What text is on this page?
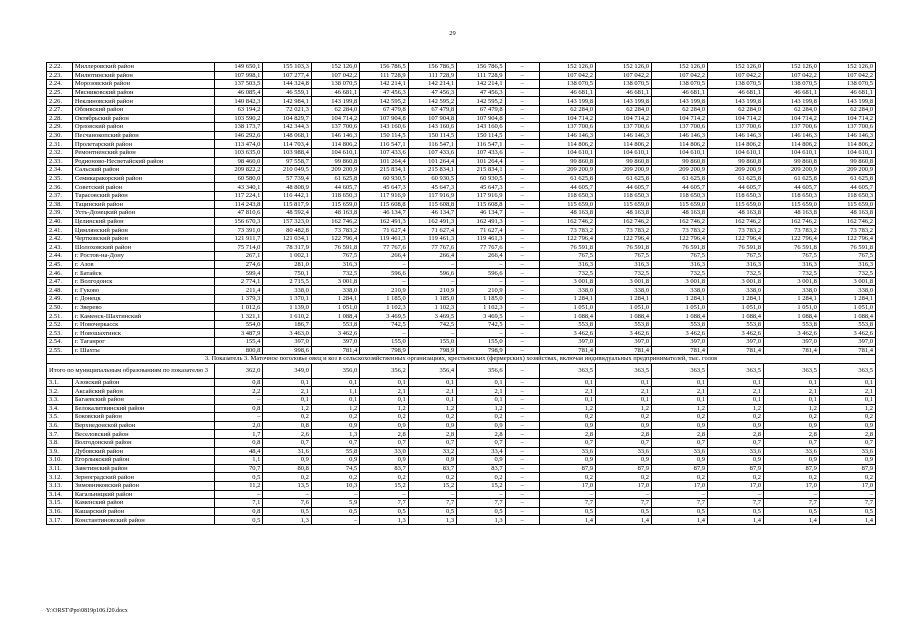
29
2.22.	Миллеровский район	149 650,1	155 103,3	152 126,0	156 786,5	156 786,5	156 786,5	–	152 126,0	152 126,0	152 126,0	152 126,0	152 126,0	152 126,0
2.23.	Милютинский район	107 998,1	107 277,4	107 042,2	111 728,9	111 728,9	111 728,9	–	107 042,2	107 042,2	107 042,2	107 042,2	107 042,2	107 042,2
2.24.	Морозовский район	137 503,5	144 324,8	138 070,5	142 214,1	142 214,1	142 214,1	–	138 070,5	138 070,5	138 070,5	138 070,5	138 070,5	138 070,5
2.25.	Мясниковский район	46 085,4	46 559,1	46 681,1	47 456,3	47 456,3	47 456,3	–	46 681,1	46 681,1	46 681,1	46 681,1	46 681,1	46 681,1
2.26.	Неклиновский район	140 842,3	142 984,1	143 199,8	142 595,2	142 595,2	142 595,2	–	143 199,8	143 199,8	143 199,8	143 199,8	143 199,8	143 199,8
2.27.	Обливский район	63 194,2	72 021,3	62 284,0	67 479,8	67 479,8	67 479,8	–	62 284,0	62 284,0	62 284,0	62 284,0	62 284,0	62 284,0
2.28.	Октябрьский район	103 590,2	104 829,7	104 714,2	107 904,8	107 904,8	107 904,8	–	104 714,2	104 714,2	104 714,2	104 714,2	104 714,2	104 714,2
2.29.	Орловский район	138 173,7	142 344,3	137 700,6	143 160,6	143 160,6	143 160,6	–	137 700,6	137 700,6	137 700,6	137 700,6	137 700,6	137 700,6
2.30.	Песчанокопский район	146 292,6	148 068,1	146 146,3	150 114,5	150 114,5	150 114,5	–	146 146,3	146 146,3	146 146,3	146 146,3	146 146,3	146 146,3
2.31.	Пролетарский район	113 474,0	114 703,4	114 806,2	116 547,1	116 547,1	116 547,1	–	114 806,2	114 806,2	114 806,2	114 806,2	114 806,2	114 806,2
2.32.	Ремонтненский район	103 635,0	103 988,4	104 610,1	107 433,6	107 433,6	107 433,6	–	104 610,1	104 610,1	104 610,1	104 610,1	104 610,1	104 610,1
2.33.	Родионово-Несветайский район	98 460,0	97 558,7	99 860,8	101 264,4	101 264,4	101 264,4	–	99 860,8	99 860,8	99 860,8	99 860,8	99 860,8	99 860,8
2.34.	Сальский район	209 822,2	210 049,5	209 200,9	215 834,1	215 834,1	215 834,1	–	209 200,9	209 200,9	209 200,9	209 200,9	209 200,9	209 200,9
2.35.	Семикаракорский район	60 580,0	57 739,4	61 625,8	60 930,5	60 930,5	60 930,5	–	61 625,8	61 625,8	61 625,8	61 625,8	61 625,8	61 625,8
2.36.	Советский район	43 340,1	48 808,9	44 605,7	45 647,3	45 647,3	45 647,3	–	44 605,7	44 605,7	44 605,7	44 605,7	44 605,7	44 605,7
2.37.	Тарасовский район	117 224,1	116 442,1	118 650,3	117 916,9	117 916,9	117 916,9	–	118 650,3	118 650,3	118 650,3	118 650,3	118 650,3	118 650,3
2.38.	Тацинский район	114 243,8	115 817,9	115 659,0	115 608,8	115 608,8	115 608,8	–	115 659,0	115 659,0	115 659,0	115 659,0	115 659,0	115 659,0
2.39.	Усть-Донецкий район	47 810,6	48 592,4	48 163,8	46 134,7	46 134,7	46 134,7	–	48 163,8	48 163,8	48 163,8	48 163,8	48 163,8	48 163,8
2.40.	Целинский район	156 670,3	157 323,0	162 746,2	162 491,3	162 491,3	162 491,3	–	162 746,2	162 746,2	162 746,2	162 746,2	162 746,2	162 746,2
2.41.	Цимлянский район	73 391,0	80 482,8	73 783,2	71 627,4	71 627,4	71 627,4	–	73 783,2	73 783,2	73 783,2	73 783,2	73 783,2	73 783,2
2.42.	Чертковский район	121 911,7	121 034,1	122 796,4	119 461,3	119 461,3	119 461,3	–	122 796,4	122 796,4	122 796,4	122 796,4	122 796,4	122 796,4
2.43.	Шолоховский район	75 714,0	78 317,9	76 591,8	77 767,6	77 767,6	77 767,6	–	76 591,8	76 591,8	76 591,8	76 591,8	76 591,8	76 591,8
2.44.	г. Ростов-на-Дону	267,1	1 002,1	767,5	266,4	266,4	266,4	–	767,5	767,5	767,5	767,5	767,5	767,5
2.45.	г. Азов	274,6	281,0	316,3	–	–	–	–	316,3	316,3	316,3	316,3	316,3	316,3
2.46.	г. Батайск	599,4	750,1	732,5	596,6	596,6	596,6	–	732,5	732,5	732,5	732,5	732,5	732,5
2.47.	г. Волгодонск	2 774,1	2 715,5	3 001,8	–	–	–	–	3 001,8	3 001,8	3 001,8	3 001,8	3 001,8	3 001,8
2.48.	г. Гуково	211,4	338,0	338,0	210,9	210,9	210,9	–	338,0	338,0	338,0	338,0	338,0	338,0
2.49.	г. Донецк	1 379,3	1 370,1	1 284,1	1 185,0	1 185,0	1 185,0	–	1 284,1	1 284,1	1 284,1	1 284,1	1 284,1	1 284,1
2.50.	г. Зверево	1 012,6	1 139,0	1 051,0	1 102,3	1 102,3	1 102,3	–	1 051,0	1 051,0	1 051,0	1 051,0	1 051,0	1 051,0
2.51.	г. Каменск-Шахтинский	1 321,1	1 610,2	1 088,4	3 469,5	3 469,5	3 469,5	–	1 088,4	1 088,4	1 088,4	1 088,4	1 088,4	1 088,4
2.52.	г. Новочеркасск	554,0	186,7	553,8	742,5	742,5	742,5	–	553,8	553,8	553,8	553,8	553,8	553,8
2.53.	г. Новошахтинск	3 487,9	3 463,0	3 462,6	–	–	–	–	3 462,6	3 462,6	3 462,6	3 462,6	3 462,6	3 462,6
2.54.	г. Таганрог	155,4	397,0	397,0	155,0	155,0	155,0	–	397,0	397,0	397,0	397,0	397,0	397,0
2.55.	г. Шахты	800,8	998,6	781,4	798,9	798,9	798,9	–	781,4	781,4	781,4	781,4	781,4	781,4
3. Показатель 3. Маточное поголовье овец и коз в сельскохозяйственных организациях, крестьянских (фермерских) хозяйствах, включая индивидуальных предпринимателей, тыс. голов														
Итого по муниципальным образованиям по показателю 3		362,0	349,0	356,0	356,2	356,4	356,6	–	363,5	363,5	363,5	363,5	363,5	363,5
3.1.	Азовский район	0,8	0,1	0,1	0,1	0,1	0,1	–	0,1	0,1	0,1	0,1	0,1	0,1
3.2.	Аксайский район	2,2	2,1	1,1	2,1	2,1	2,1	–	2,1	2,1	2,1	2,1	2,1	2,1
3.3.	Багаевский район	–	0,1	0,1	0,1	0,1	0,1	–	0,1	0,1	0,1	0,1	0,1	0,1
3.4.	Белокалитвинский район	0,8	1,2	1,2	1,2	1,2	1,2	–	1,2	1,2	1,2	1,2	1,2	1,2
3.5.	Боковский район	–	0,2	0,2	0,2	0,2	0,2	–	0,2	0,2	0,2	0,2	0,2	0,2
3.6.	Верхнедонской район	2,0	0,8	0,9	0,9	0,9	0,9	–	0,9	0,9	0,9	0,9	0,9	0,9
3.7.	Веселовский район	1,7	2,6	1,3	2,8	2,8	2,8	–	2,8	2,8	2,8	2,8	2,8	2,8
3.8.	Волгодонской район	0,8	0,7	0,7	0,7	0,7	0,7	–	0,7	0,7	0,7	0,7	0,7	0,7
3.9.	Дубовский район	48,4	31,6	55,8	33,0	33,2	33,4	–	33,6	33,6	33,6	33,6	33,6	33,6
3.10.	Егорлыкский район	1,1	0,9	0,9	0,9	0,9	0,9	–	0,9	0,9	0,9	0,9	0,9	0,9
3.11.	Заветинский район	70,7	80,8	74,5	83,7	83,7	83,7	–	87,9	87,9	87,9	87,9	87,9	87,9
3.12.	Зерноградский район	0,5	0,2	0,2	0,2	0,2	0,2	–	0,2	0,2	0,2	0,2	0,2	0,2
3.13.	Зимовниковский район	11,2	13,5	10,3	15,2	15,2	15,2	–	17,0	17,0	17,0	17,0	17,0	17,0
3.14.	Кагальницкий район	–	–	–	–	–	–	–	–	–	–	–	–	–
3.15.	Каменский район	7,1	7,6	5,9	7,7	7,7	7,7	–	7,7	7,7	7,7	7,7	7,7	7,7
3.16.	Кашарский район	0,8	0,5	0,5	0,5	0,5	0,5	–	0,5	0,5	0,5	0,5	0,5	0,5
3.17.	Константиновский район	0,5	1,3	–	1,3	1,3	1,3	–	1,4	1,4	1,4	1,4	1,4	1,4
Y:\ORST\Ppo\0819p106.f20.docx
